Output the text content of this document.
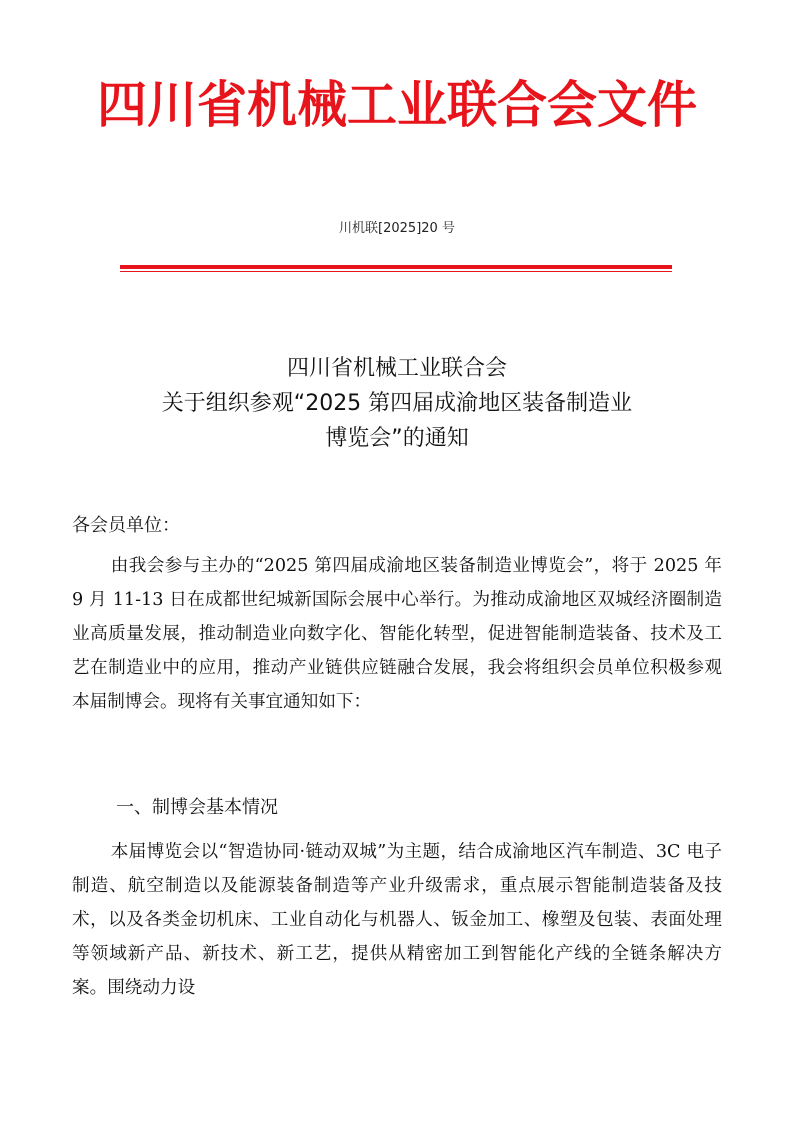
四川省机械工业联合会文件
川机联[2025]20 号
四川省机械工业联合会
关于组织参观“2025 第四届成渝地区装备制造业
博览会”的通知
各会员单位：
由我会参与主办的“2025 第四届成渝地区装备制造业博览会”，将于 2025 年 9 月 11-13 日在成都世纪城新国际会展中心举行。为推动成渝地区双城经济圈制造业高质量发展，推动制造业向数字化、智能化转型，促进智能制造装备、技术及工艺在制造业中的应用，推动产业链供应链融合发展，我会将组织会员单位积极参观本届制博会。现将有关事宜通知如下：
一、制博会基本情况
本届博览会以“智造协同·链动双城”为主题，结合成渝地区汽车制造、3C 电子制造、航空制造以及能源装备制造等产业升级需求，重点展示智能制造装备及技术，以及各类金切机床、工业自动化与机器人、钣金加工、橡塑及包装、表面处理等领域新产品、新技术、新工艺，提供从精密加工到智能化产线的全链条解决方案。围绕动力设
